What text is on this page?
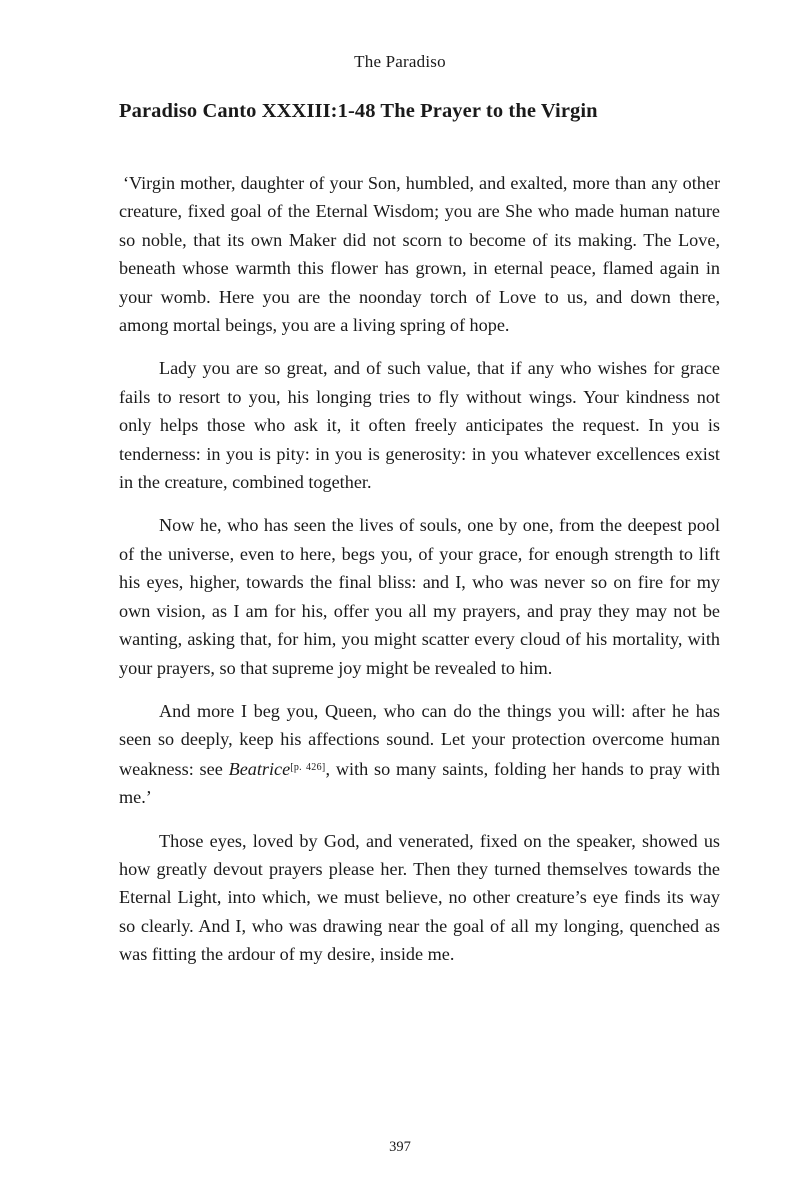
The Paradiso
Paradiso Canto XXXIII:1-48 The Prayer to the Virgin

‘Virgin mother, daughter of your Son, humbled, and exalted, more than any other creature, fixed goal of the Eternal Wisdom; you are She who made human nature so noble, that its own Maker did not scorn to become of its making. The Love, beneath whose warmth this flower has grown, in eternal peace, flamed again in your womb. Here you are the noonday torch of Love to us, and down there, among mortal beings, you are a living spring of hope.

Lady you are so great, and of such value, that if any who wishes for grace fails to resort to you, his longing tries to fly without wings. Your kindness not only helps those who ask it, it often freely anticipates the request. In you is tenderness: in you is pity: in you is generosity: in you whatever excellences exist in the creature, combined together.

Now he, who has seen the lives of souls, one by one, from the deepest pool of the universe, even to here, begs you, of your grace, for enough strength to lift his eyes, higher, towards the final bliss: and I, who was never so on fire for my own vision, as I am for his, offer you all my prayers, and pray they may not be wanting, asking that, for him, you might scatter every cloud of his mortality, with your prayers, so that supreme joy might be revealed to him.

And more I beg you, Queen, who can do the things you will: after he has seen so deeply, keep his affections sound. Let your protection overcome human weakness: see Beatrice[p. 426], with so many saints, folding her hands to pray with me.’

Those eyes, loved by God, and venerated, fixed on the speaker, showed us how greatly devout prayers please her. Then they turned themselves towards the Eternal Light, into which, we must believe, no other creature’s eye finds its way so clearly. And I, who was drawing near the goal of all my longing, quenched as was fitting the ardour of my desire, inside me.

397
